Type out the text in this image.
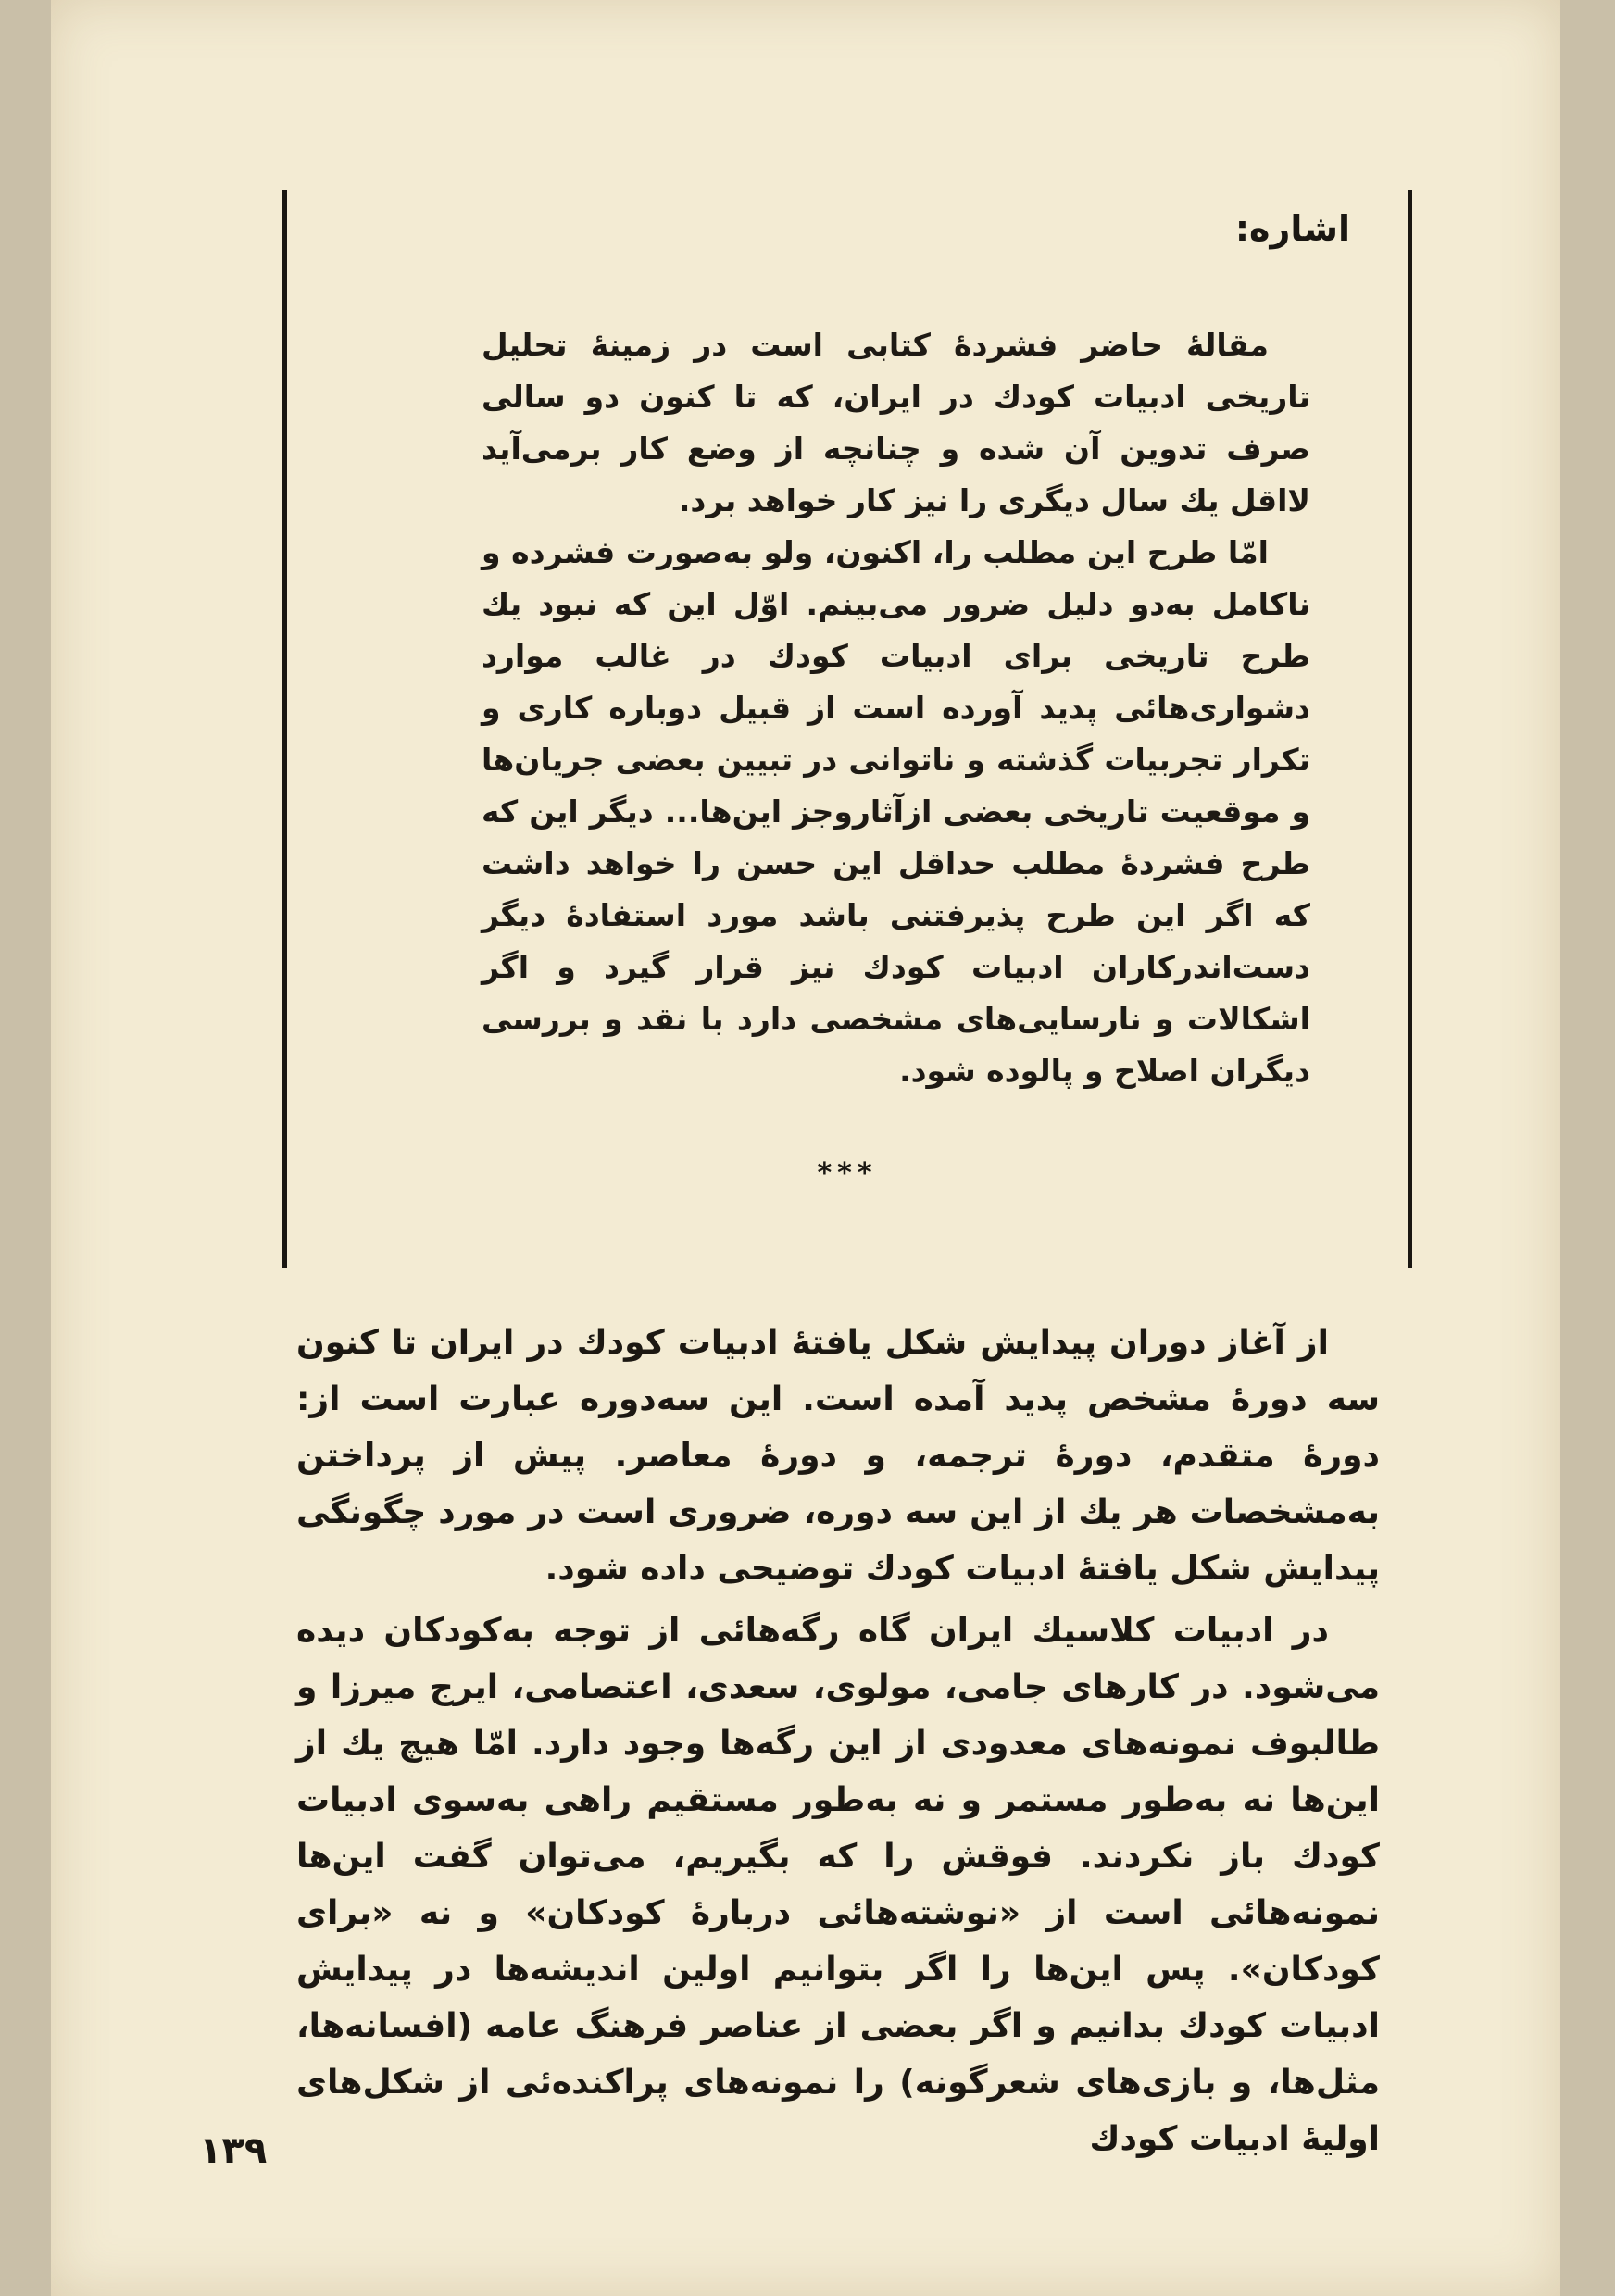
اشاره:

مقالهٔ حاضر فشردهٔ کتابی است در زمینهٔ تحلیل تاریخی ادبیات کودك در ایران، که تا کنون دو سالی صرف تدوین آن شده و چنانچه از وضع کار برمی‌آید لااقل یك سال دیگری را نیز کار خواهد برد.

امّا طرح این مطلب را، اکنون، ولو به‌صورت فشرده و ناکامل به‌دو دلیل ضرور می‌بینم. اوّل این که نبود یك طرح تاریخی برای ادبیات کودك در غالب موارد دشواری‌هائی پدید آورده است از قبیل دوباره کاری و تکرار تجربیات گذشته و ناتوانی در تبیین بعضی جریان‌ها و موقعیت تاریخی بعضی ازآثاروجز این‌ها... دیگر این که طرح فشردهٔ مطلب حداقل این حسن را خواهد داشت که اگر این طرح پذیرفتنی باشد مورد استفادهٔ دیگر دست‌اندرکاران ادبیات کودك نیز قرار گیرد و اگر اشکالات و نارسایی‌های مشخصی دارد با نقد و بررسی دیگران اصلاح و پالوده شود.

***

از آغاز دوران پیدایش شکل یافتهٔ ادبیات کودك در ایران تا کنون سه دورهٔ مشخص پدید آمده است. این سه‌دوره عبارت است از: دورهٔ متقدم، دورهٔ ترجمه، و دورهٔ معاصر. پیش از پرداختن به‌مشخصات هر یك از این سه دوره، ضروری است در مورد چگونگی پیدایش شکل یافتهٔ ادبیات کودك توضیحی داده شود.

در ادبیات کلاسیك ایران گاه رگه‌هائی از توجه به‌کودکان دیده می‌شود. در کارهای جامی، مولوی، سعدی، اعتصامی، ایرج میرزا و طالبوف نمونه‌های معدودی از این رگه‌ها وجود دارد. امّا هیچ یك از این‌ها نه به‌طور مستمر و نه به‌طور مستقیم راهی به‌سوی ادبیات کودك باز نکردند. فوقش را که بگیریم، می‌توان گفت این‌ها نمونه‌هائی است از «نوشته‌هائی دربارهٔ کودکان» و نه «برای کودکان». پس این‌ها را اگر بتوانیم اولین اندیشه‌ها در پیدایش ادبیات کودك بدانیم و اگر بعضی از عناصر فرهنگ عامه (افسانه‌ها، مثل‌ها، و بازی‌های شعرگونه) را نمونه‌های پراکنده‌ئی از شکل‌های اولیهٔ ادبیات کودك

۱۳۹
